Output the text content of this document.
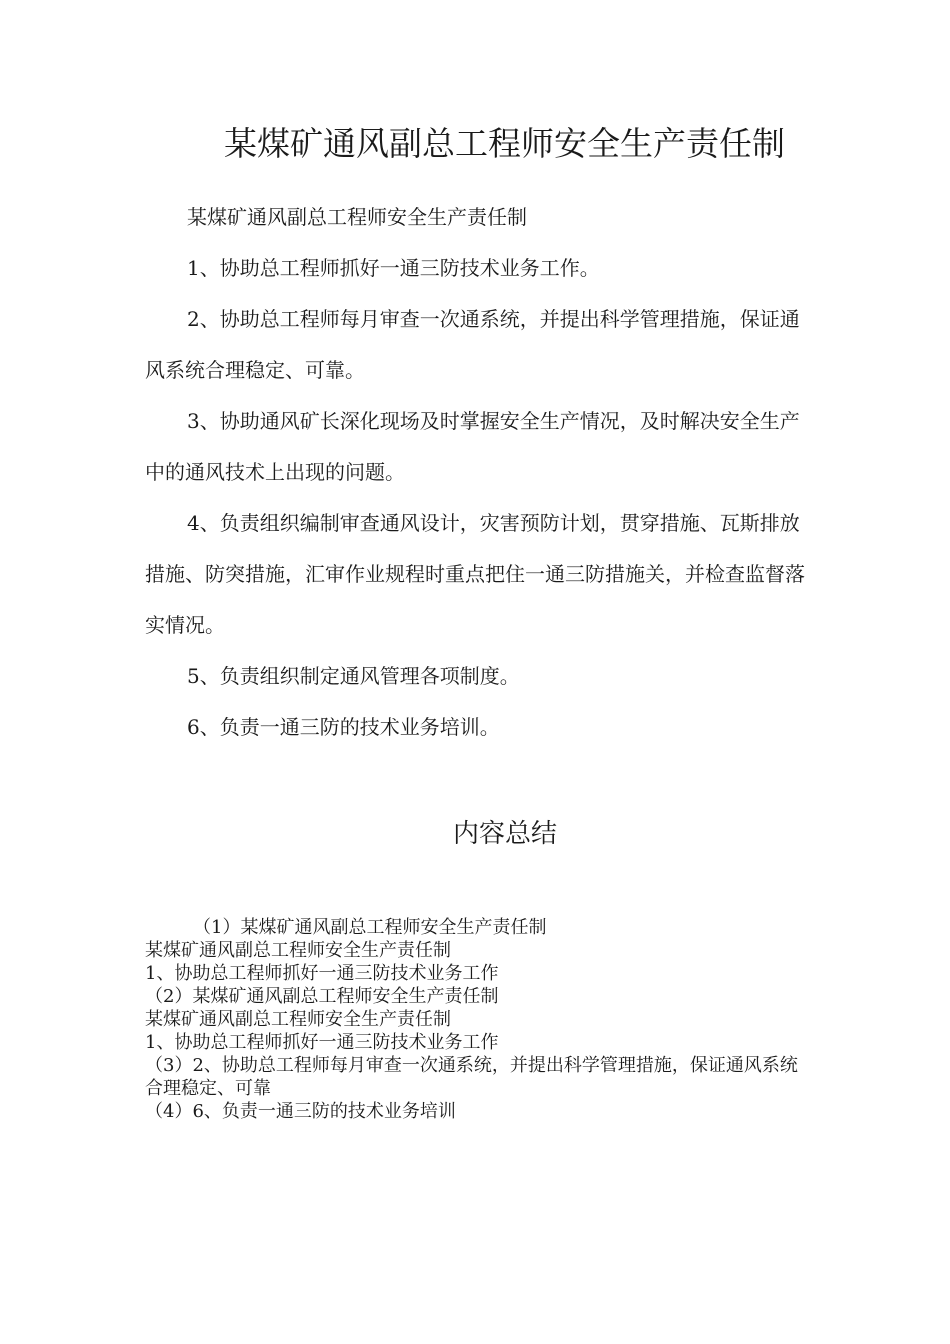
某煤矿通风副总工程师安全生产责任制

某煤矿通风副总工程师安全生产责任制

1、协助总工程师抓好一通三防技术业务工作。

2、协助总工程师每月审查一次通系统，并提出科学管理措施，保证通风系统合理稳定、可靠。

3、协助通风矿长深化现场及时掌握安全生产情况，及时解决安全生产中的通风技术上出现的问题。

4、负责组织编制审查通风设计，灾害预防计划，贯穿措施、瓦斯排放措施、防突措施，汇审作业规程时重点把住一通三防措施关，并检查监督落实情况。

5、负责组织制定通风管理各项制度。

6、负责一通三防的技术业务培训。

内容总结
（1）某煤矿通风副总工程师安全生产责任制
某煤矿通风副总工程师安全生产责任制
1、协助总工程师抓好一通三防技术业务工作
（2）某煤矿通风副总工程师安全生产责任制
某煤矿通风副总工程师安全生产责任制
1、协助总工程师抓好一通三防技术业务工作
（3）2、协助总工程师每月审查一次通系统，并提出科学管理措施，保证通风系统合理稳定、可靠
（4）6、负责一通三防的技术业务培训
